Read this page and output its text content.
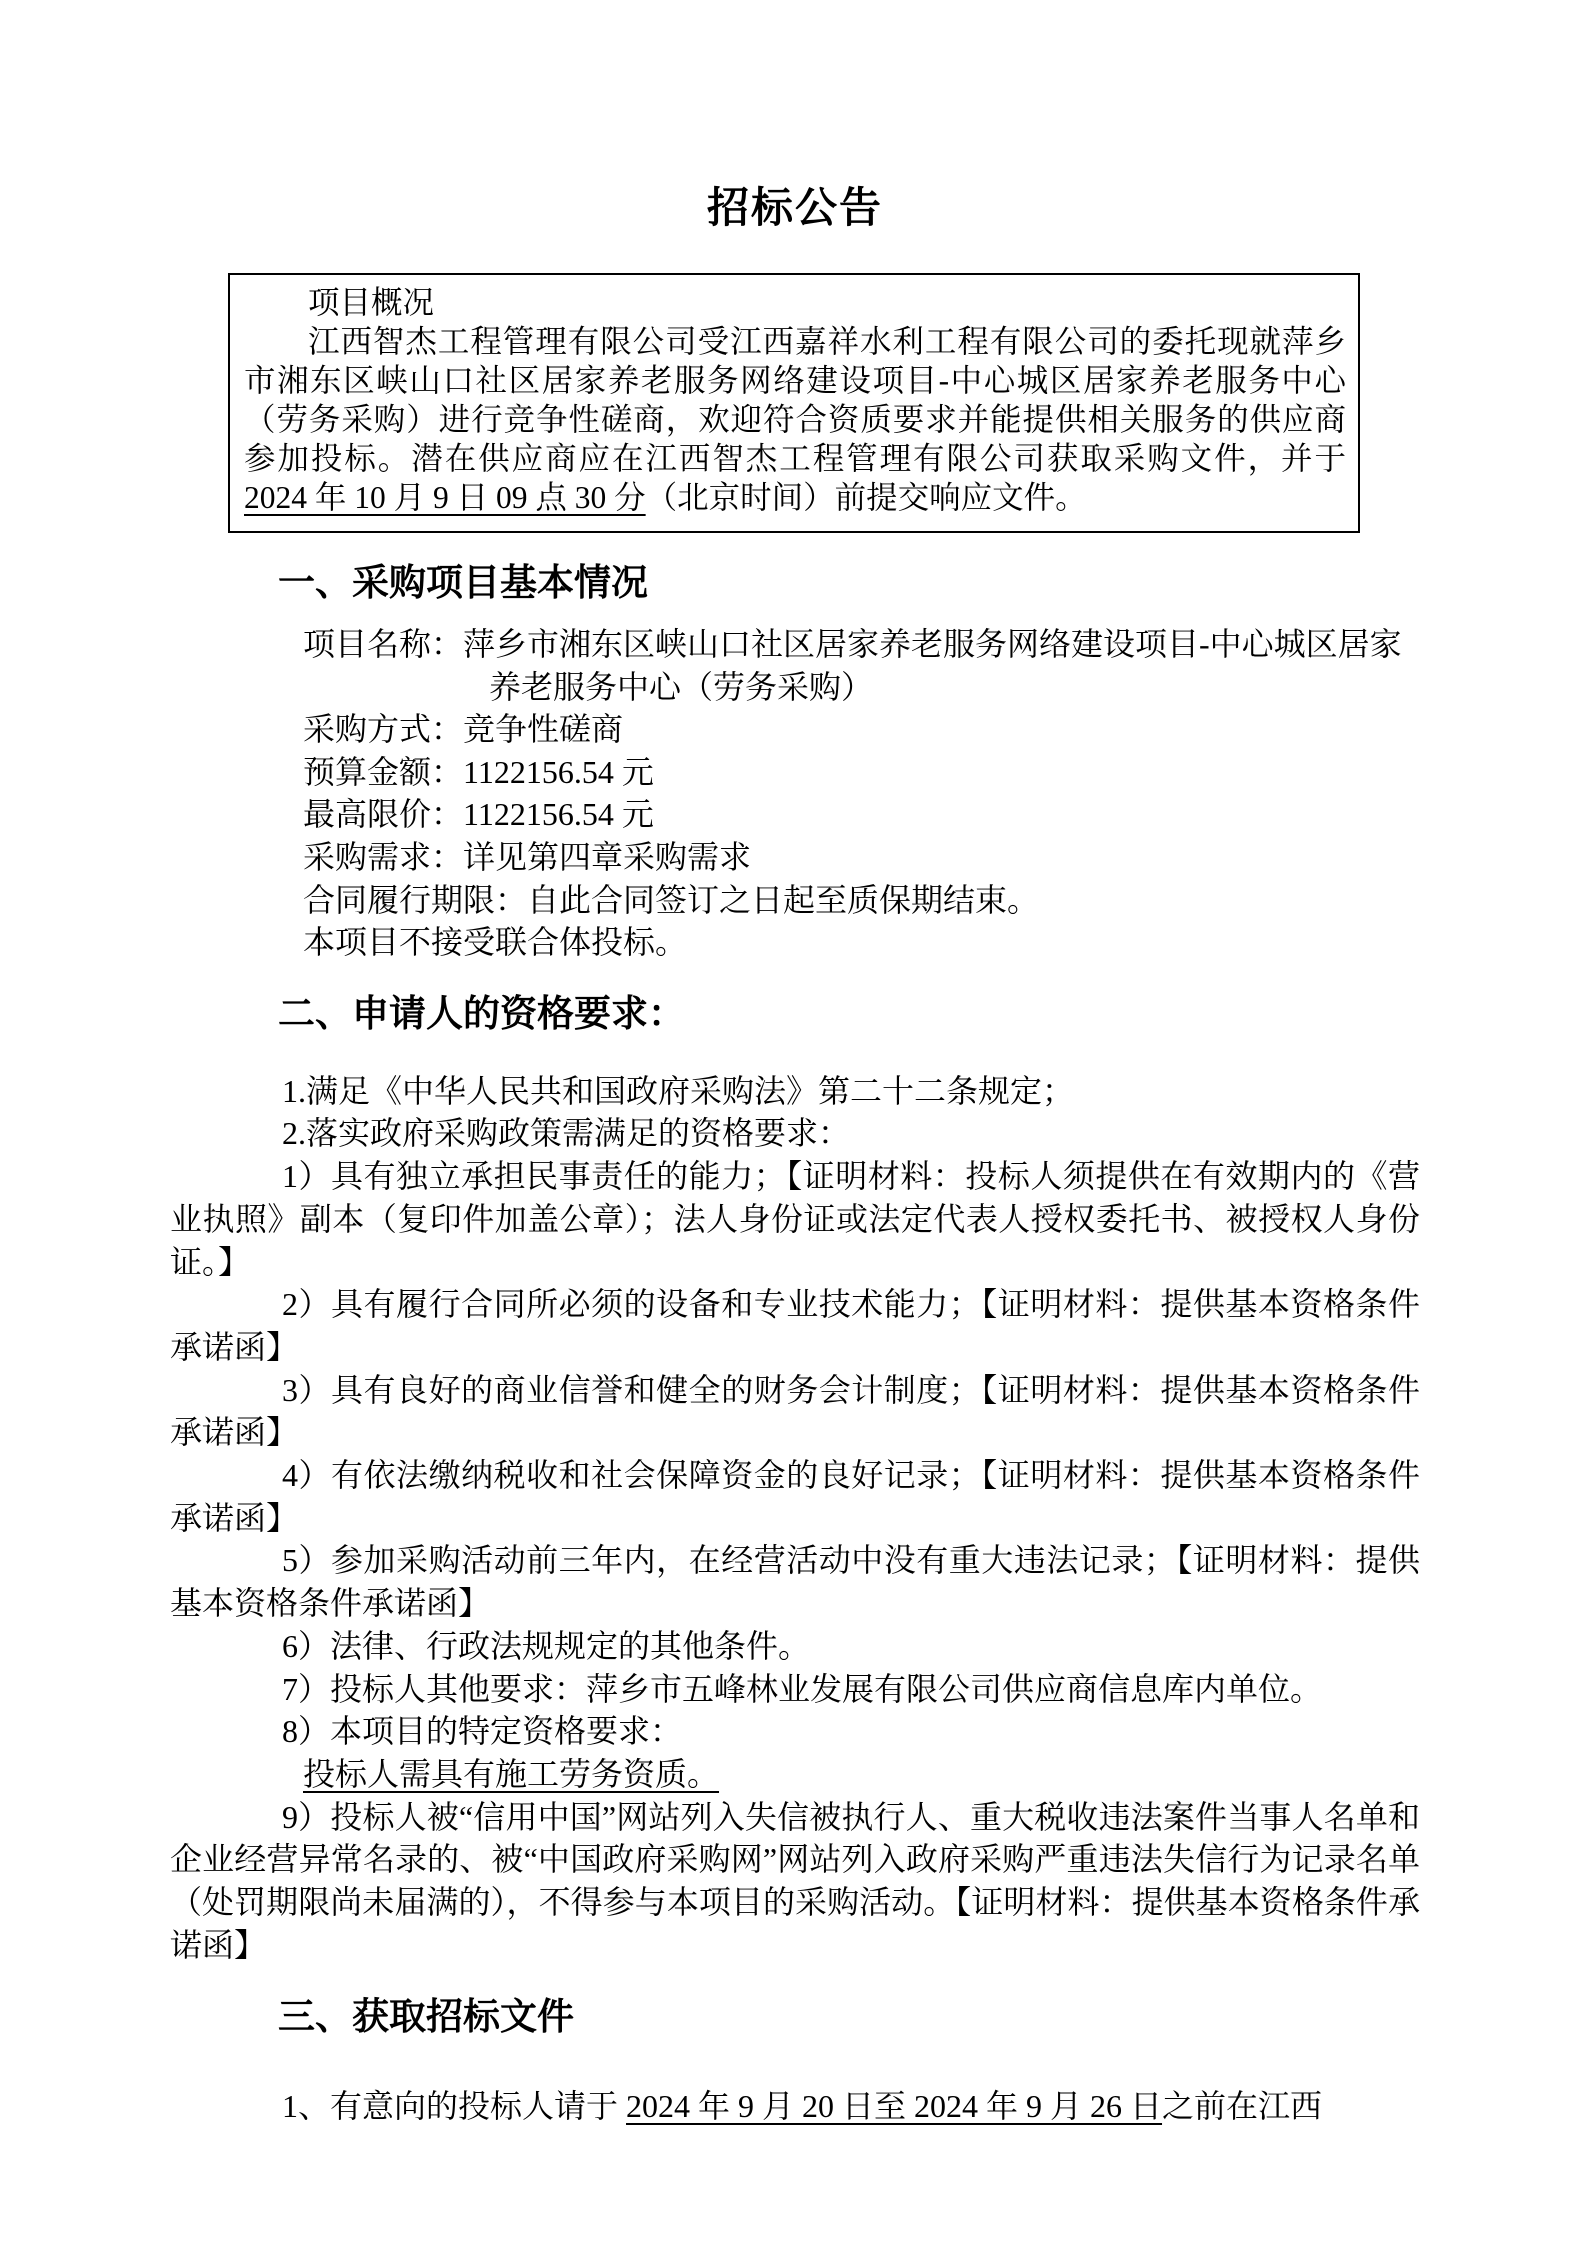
招标公告

项目概况

江西智杰工程管理有限公司受江西嘉祥水利工程有限公司的委托现就萍乡市湘东区峡山口社区居家养老服务网络建设项目-中心城区居家养老服务中心（劳务采购）进行竞争性磋商，欢迎符合资质要求并能提供相关服务的供应商参加投标。潜在供应商应在江西智杰工程管理有限公司获取采购文件，并于 2024 年 10 月 9 日 09 点 30 分（北京时间）前提交响应文件。

一、采购项目基本情况

项目名称：萍乡市湘东区峡山口社区居家养老服务网络建设项目-中心城区居家养老服务中心（劳务采购）

采购方式：竞争性磋商

预算金额：1122156.54 元

最高限价：1122156.54 元

采购需求：详见第四章采购需求

合同履行期限：自此合同签订之日起至质保期结束。

本项目不接受联合体投标。

二、申请人的资格要求：

1.满足《中华人民共和国政府采购法》第二十二条规定；

2.落实政府采购政策需满足的资格要求：

1）具有独立承担民事责任的能力；【证明材料：投标人须提供在有效期内的《营业执照》副本（复印件加盖公章）；法人身份证或法定代表人授权委托书、被授权人身份证。】

2）具有履行合同所必须的设备和专业技术能力；【证明材料：提供基本资格条件承诺函】

3）具有良好的商业信誉和健全的财务会计制度；【证明材料：提供基本资格条件承诺函】

4）有依法缴纳税收和社会保障资金的良好记录；【证明材料：提供基本资格条件承诺函】

5）参加采购活动前三年内，在经营活动中没有重大违法记录；【证明材料：提供基本资格条件承诺函】

6）法律、行政法规规定的其他条件。

7）投标人其他要求：萍乡市五峰林业发展有限公司供应商信息库内单位。

8）本项目的特定资格要求：

投标人需具有施工劳务资质。

9）投标人被“信用中国”网站列入失信被执行人、重大税收违法案件当事人名单和企业经营异常名录的、被“中国政府采购网”网站列入政府采购严重违法失信行为记录名单（处罚期限尚未届满的），不得参与本项目的采购活动。【证明材料：提供基本资格条件承诺函】

三、获取招标文件

1、有意向的投标人请于 2024 年 9 月 20 日至 2024 年 9 月 26 日之前在江西
